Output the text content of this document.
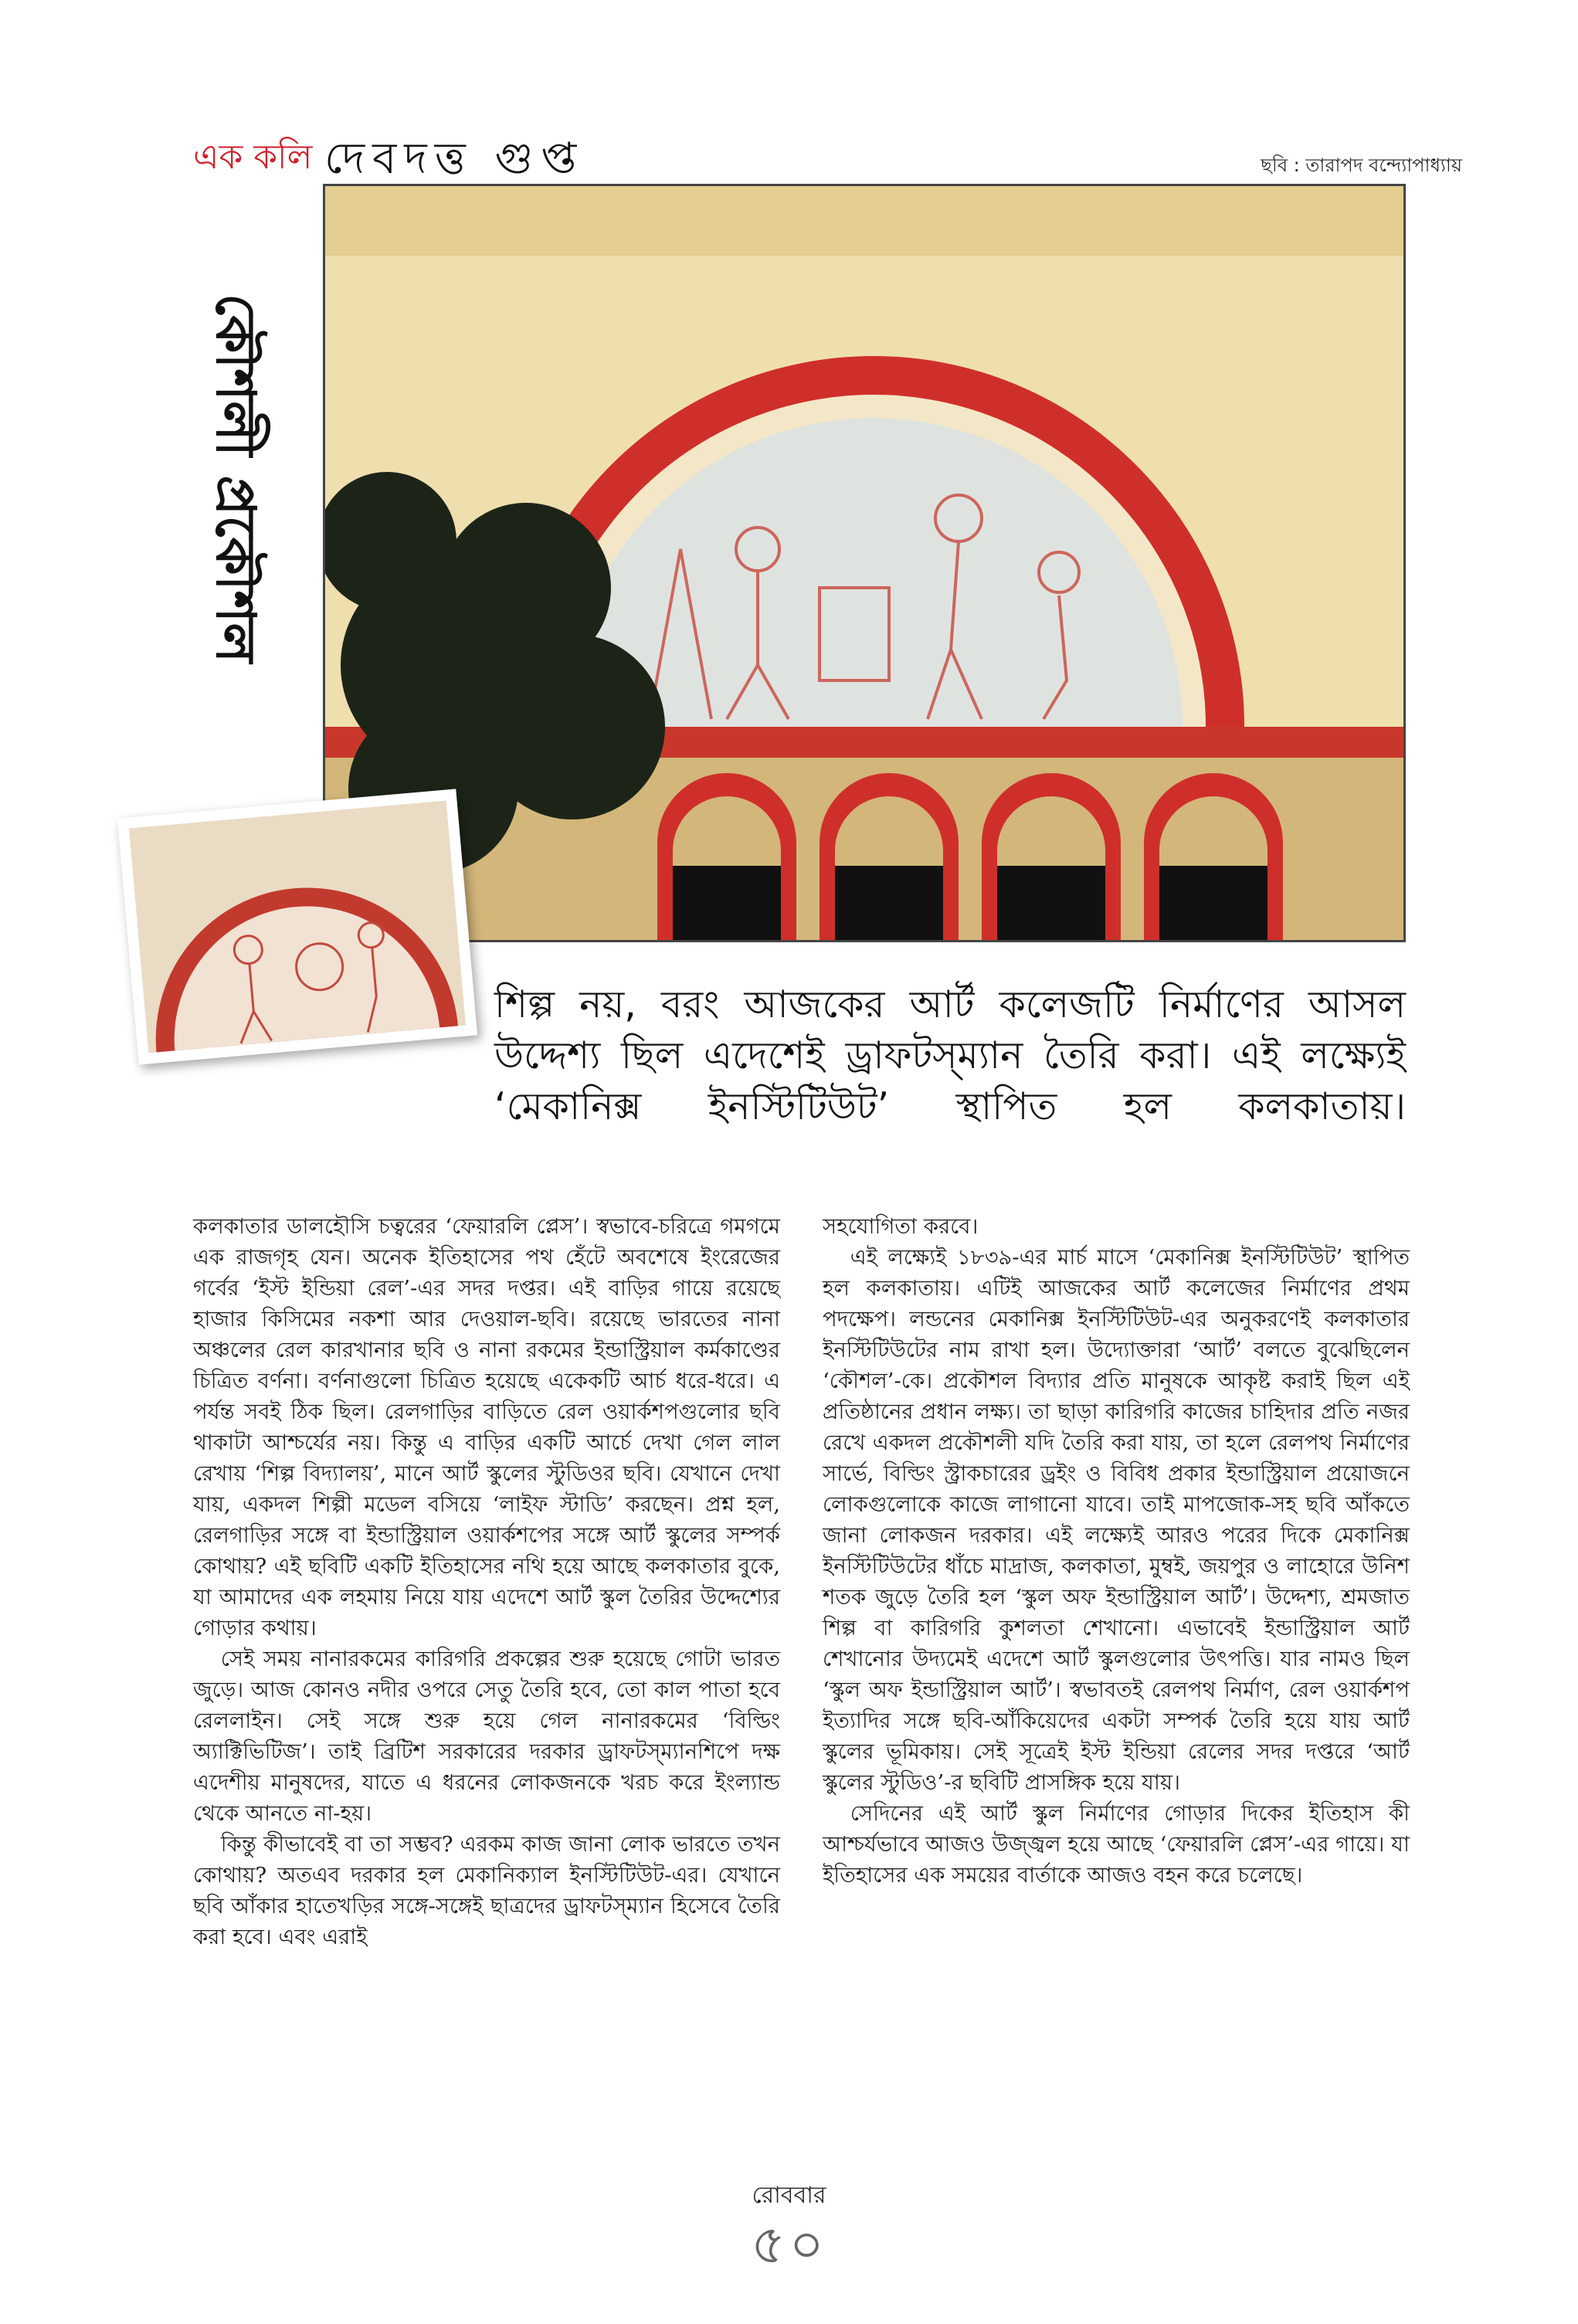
এক কলি দেবদত্ত গুপ্ত	ছবি : তারাপদ বন্দ্যোপাধ্যায়
কৌশলী প্রকৌশল
শিল্প নয়, বরং আজকের আর্ট কলেজটি নির্মাণের আসল উদ্দেশ্য ছিল এদেশেই ড্রাফটস্‌ম্যান তৈরি করা। এই লক্ষ্যেই ‘মেকানিক্স ইনস্টিটিউট’ স্থাপিত হল কলকাতায়।

কলকাতার ডালহৌসি চত্বরের ‘ফেয়ারলি প্লেস’। স্বভাবে-চরিত্রে গমগমে এক রাজগৃহ যেন। অনেক ইতিহাসের পথ হেঁটে অবশেষে ইংরেজের গর্বের ‘ইস্ট ইন্ডিয়া রেল’-এর সদর দপ্তর। এই বাড়ির গায়ে রয়েছে হাজার কিসিমের নকশা আর দেওয়াল-ছবি। রয়েছে ভারতের নানা অঞ্চলের রেল কারখানার ছবি ও নানা রকমের ইন্ডাস্ট্রিয়াল কর্মকাণ্ডের চিত্রিত বর্ণনা। বর্ণনাগুলো চিত্রিত হয়েছে একেকটি আর্চ ধরে-ধরে। এ পর্যন্ত সবই ঠিক ছিল। রেলগাড়ির বাড়িতে রেল ওয়ার্কশপগুলোর ছবি থাকাটা আশ্চর্যের নয়। কিন্তু এ বাড়ির একটি আর্চে দেখা গেল লাল রেখায় ‘শিল্প বিদ্যালয়’, মানে আর্ট স্কুলের স্টুডিওর ছবি। যেখানে দেখা যায়, একদল শিল্পী মডেল বসিয়ে ‘লাইফ স্টাডি’ করছেন। প্রশ্ন হল, রেলগাড়ির সঙ্গে বা ইন্ডাস্ট্রিয়াল ওয়ার্কশপের সঙ্গে আর্ট স্কুলের সম্পর্ক কোথায়? এই ছবিটি একটি ইতিহাসের নথি হয়ে আছে কলকাতার বুকে, যা আমাদের এক লহমায় নিয়ে যায় এদেশে আর্ট স্কুল তৈরির উদ্দেশ্যের গোড়ার কথায়।

সেই সময় নানারকমের কারিগরি প্রকল্পের শুরু হয়েছে গোটা ভারত জুড়ে। আজ কোনও নদীর ওপরে সেতু তৈরি হবে, তো কাল পাতা হবে রেললাইন। সেই সঙ্গে শুরু হয়ে গেল নানারকমের ‘বিল্ডিং অ্যাক্টিভিটিজ’। তাই ব্রিটিশ সরকারের দরকার ড্রাফটস্‌ম্যানশিপে দক্ষ এদেশীয় মানুষদের, যাতে এ ধরনের লোকজনকে খরচ করে ইংল্যান্ড থেকে আনতে না-হয়।

কিন্তু কীভাবেই বা তা সম্ভব? এরকম কাজ জানা লোক ভারতে তখন কোথায়? অতএব দরকার হল মেকানিক্যাল ইনস্টিটিউট-এর। যেখানে ছবি আঁকার হাতেখড়ির সঙ্গে-সঙ্গেই ছাত্রদের ড্রাফটস্‌ম্যান হিসেবে তৈরি করা হবে। এবং এরাই

সহযোগিতা করবে।

এই লক্ষ্যেই ১৮৩৯-এর মার্চ মাসে ‘মেকানিক্স ইনস্টিটিউট’ স্থাপিত হল কলকাতায়। এটিই আজকের আর্ট কলেজের নির্মাণের প্রথম পদক্ষেপ। লন্ডনের মেকানিক্স ইনস্টিটিউট-এর অনুকরণেই কলকাতার ইনস্টিটিউটের নাম রাখা হল। উদ্যোক্তারা ‘আর্ট’ বলতে বুঝেছিলেন ‘কৌশল’-কে। প্রকৌশল বিদ্যার প্রতি মানুষকে আকৃষ্ট করাই ছিল এই প্রতিষ্ঠানের প্রধান লক্ষ্য। তা ছাড়া কারিগরি কাজের চাহিদার প্রতি নজর রেখে একদল প্রকৌশলী যদি তৈরি করা যায়, তা হলে রেলপথ নির্মাণের সার্ভে, বিল্ডিং স্ট্রাকচারের ড্রইং ও বিবিধ প্রকার ইন্ডাস্ট্রিয়াল প্রয়োজনে লোকগুলোকে কাজে লাগানো যাবে। তাই মাপজোক-সহ ছবি আঁকতে জানা লোকজন দরকার। এই লক্ষ্যেই আরও পরের দিকে মেকানিক্স ইনস্টিটিউটের ধাঁচে মাদ্রাজ, কলকাতা, মুম্বই, জয়পুর ও লাহোরে উনিশ শতক জুড়ে তৈরি হল ‘স্কুল অফ ইন্ডাস্ট্রিয়াল আর্ট’। উদ্দেশ্য, শ্রমজাত শিল্প বা কারিগরি কুশলতা শেখানো। এভাবেই ইন্ডাস্ট্রিয়াল আর্ট শেখানোর উদ্যমেই এদেশে আর্ট স্কুলগুলোর উৎপত্তি। যার নামও ছিল ‘স্কুল অফ ইন্ডাস্ট্রিয়াল আর্ট’। স্বভাবতই রেলপথ নির্মাণ, রেল ওয়ার্কশপ ইত্যাদির সঙ্গে ছবি-আঁকিয়েদের একটা সম্পর্ক তৈরি হয়ে যায় আর্ট স্কুলের ভূমিকায়। সেই সূত্রেই ইস্ট ইন্ডিয়া রেলের সদর দপ্তরে ‘আর্ট স্কুলের স্টুডিও’-র ছবিটি প্রাসঙ্গিক হয়ে যায়।

সেদিনের এই আর্ট স্কুল নির্মাণের গোড়ার দিকের ইতিহাস কী আশ্চর্যভাবে আজও উজ্জ্বল হয়ে আছে ‘ফেয়ারলি প্লেস’-এর গায়ে। যা ইতিহাসের এক সময়ের বার্তাকে আজও বহন করে চলেছে।

রোববার
৫০
